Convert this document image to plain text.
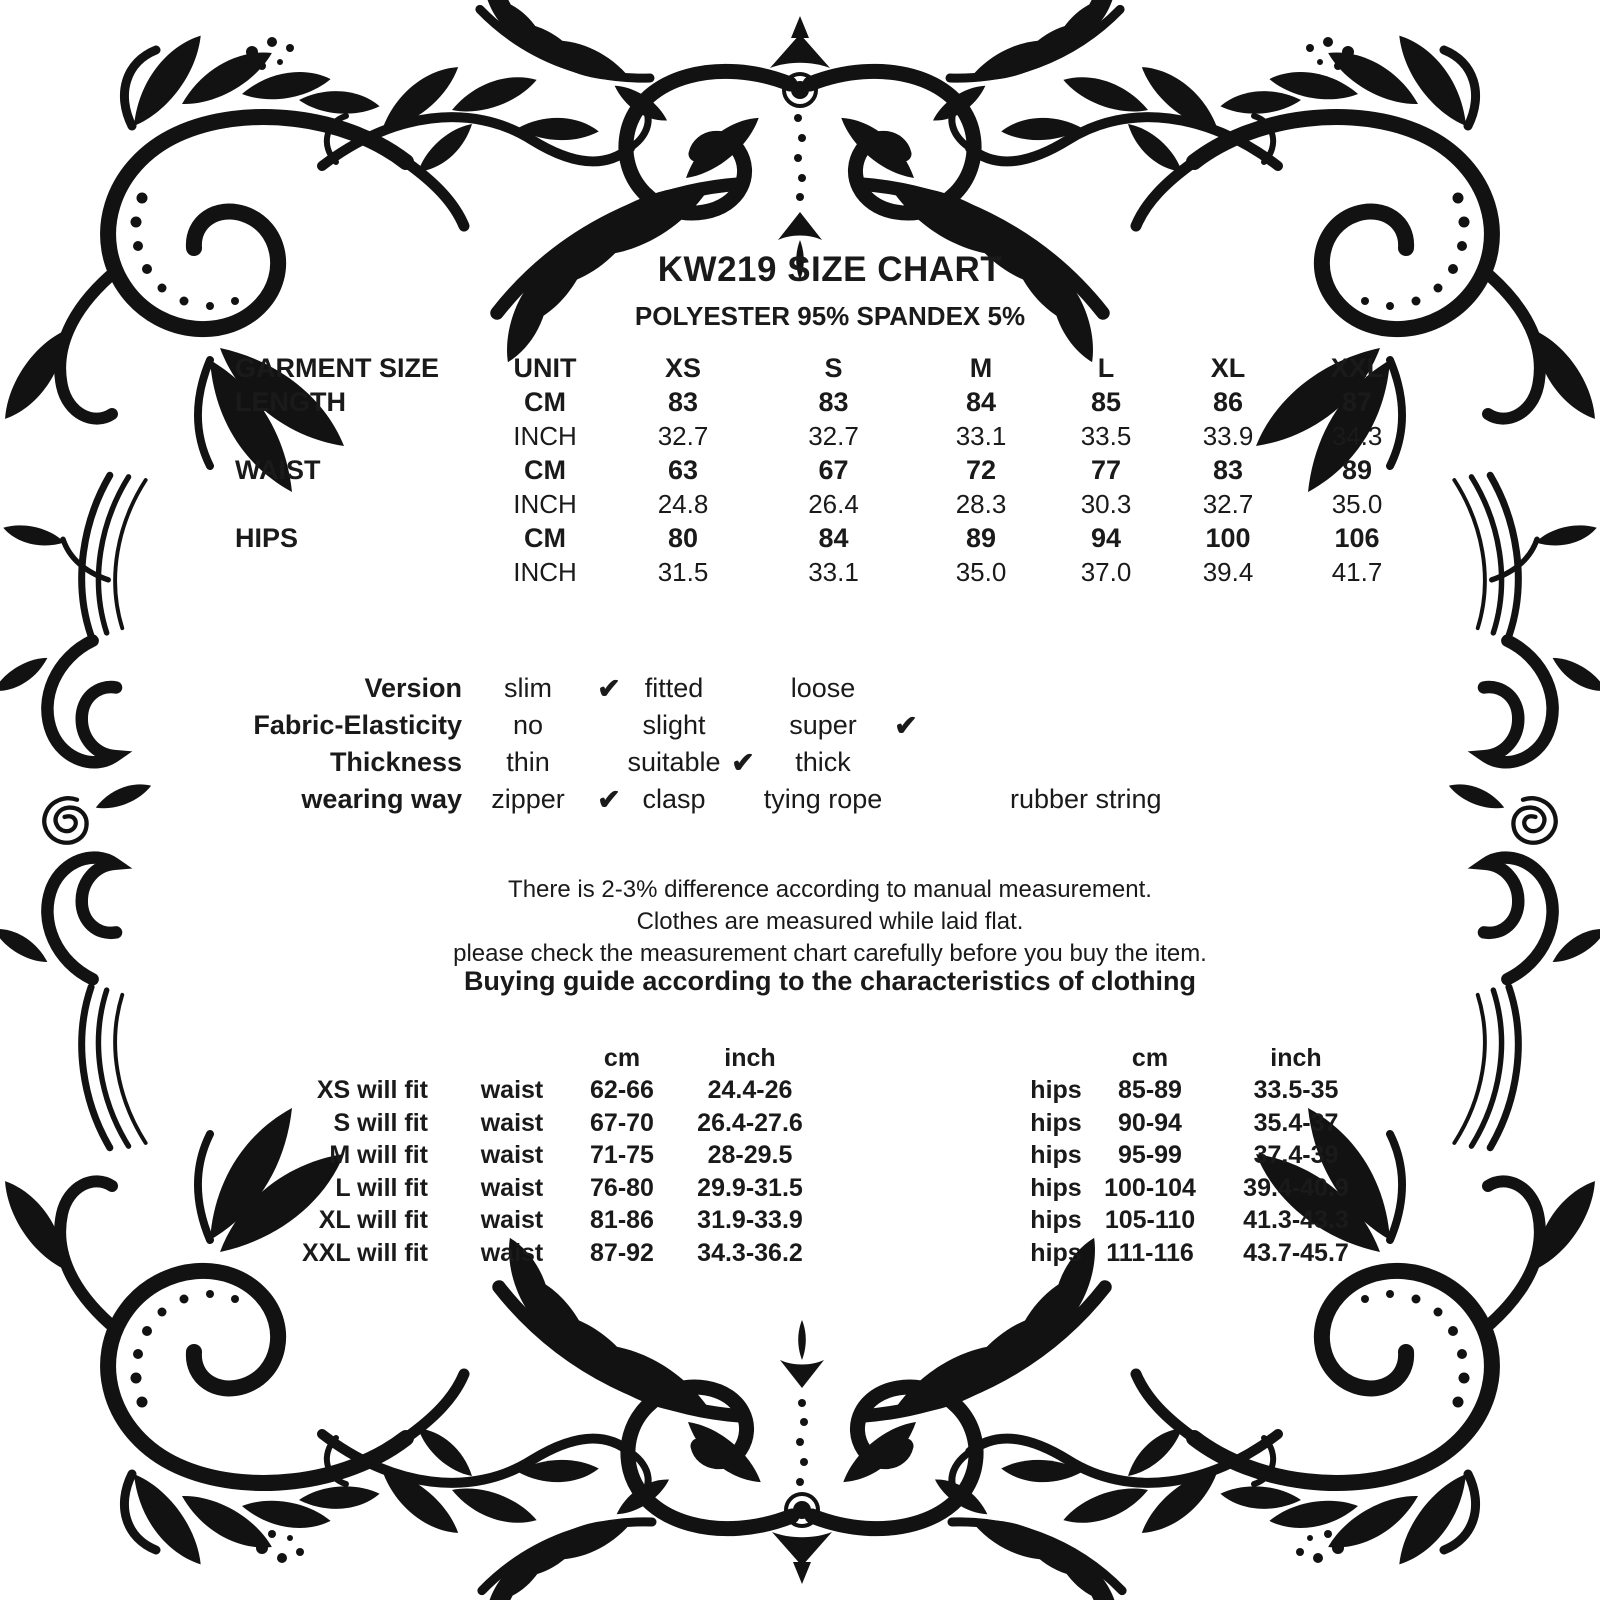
KW219 SIZE CHART
POLYESTER 95% SPANDEX 5%
GARMENT SIZE	UNIT	XS	S	M	L	XL	XXL
LENGTH	CM	83	83	84	85	86	87
INCH	32.7	32.7	33.1	33.5	33.9	34.3
WAIST	CM	63	67	72	77	83	89
INCH	24.8	26.4	28.3	30.3	32.7	35.0
HIPS	CM	80	84	89	94	100	106
INCH	31.5	33.1	35.0	37.0	39.4	41.7
Version	slim	✔ fitted	loose
Fabric-Elasticity	no	slight	super	✔
Thickness	thin	suitable ✔	thick
wearing way	zipper	✔ clasp	tying rope	rubber string
There is 2-3% difference according to manual measurement.
Clothes are measured while laid flat.
please check the measurement chart carefully before you buy the item.
Buying guide according to the characteristics of clothing
cm	inch	cm	inch
XS will fit	waist	62-66	24.4-26	hips	85-89	33.5-35
S will fit	waist	67-70	26.4-27.6	hips	90-94	35.4-37
M will fit	waist	71-75	28-29.5	hips	95-99	37.4-39
L will fit	waist	76-80	29.9-31.5	hips 100-104	39.4-40.9
XL will fit	waist	81-86	31.9-33.9	hips 105-110	41.3-43.3
XXL will fit	waist	87-92	34.3-36.2	hips 111-116	43.7-45.7
